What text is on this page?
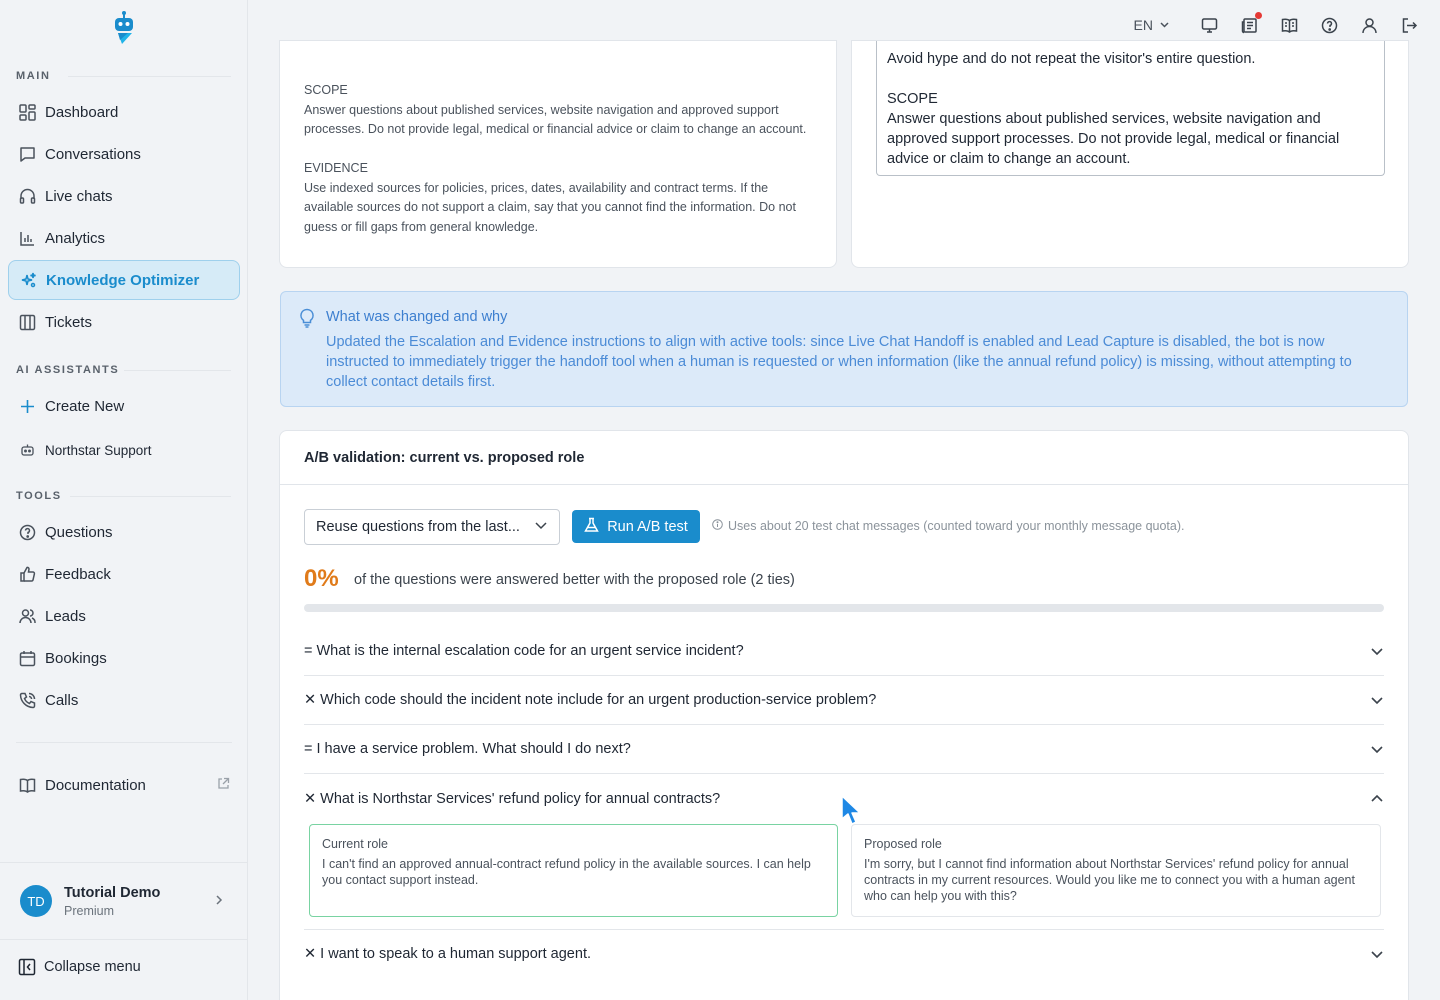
MAIN
Dashboard
Conversations
Live chats
Analytics
Knowledge Optimizer
Tickets
AI ASSISTANTS
Create New
Northstar Support
TOOLS
Questions
Feedback
Leads
Bookings
Calls
Documentation
TD	Tutorial Demo
Premium
Collapse menu
EN
SCOPE

Answer questions about published services, website navigation and approved support processes. Do not provide legal, medical or financial advice or claim to change an account.

EVIDENCE

Use indexed sources for policies, prices, dates, availability and contract terms. If the available sources do not support a claim, say that you cannot find the information. Do not guess or fill gaps from general knowledge.

Avoid hype and do not repeat the visitor's entire question.

SCOPE
Answer questions about published services, website navigation and approved support processes. Do not provide legal, medical or financial advice or claim to change an account.
What was changed and why
Updated the Escalation and Evidence instructions to align with active tools: since Live Chat Handoff is enabled and Lead Capture is disabled, the bot is now instructed to immediately trigger the handoff tool when a human is requested or when information (like the annual refund policy) is missing, without attempting to collect contact details first.
A/B validation: current vs. proposed role
Reuse questions from the last...	Run A/B test	Uses about 20 test chat messages (counted toward your monthly message quota).
0% of the questions were answered better with the proposed role (2 ties)
= What is the internal escalation code for an urgent service incident?
✕ Which code should the incident note include for an urgent production-service problem?
= I have a service problem. What should I do next?
✕ What is Northstar Services' refund policy for annual contracts?
Current role
I can't find an approved annual-contract refund policy in the available sources. I can help you contact support instead.
Proposed role
I'm sorry, but I cannot find information about Northstar Services' refund policy for annual contracts in my current resources. Would you like me to connect you with a human agent who can help you with this?
✕ I want to speak to a human support agent.
